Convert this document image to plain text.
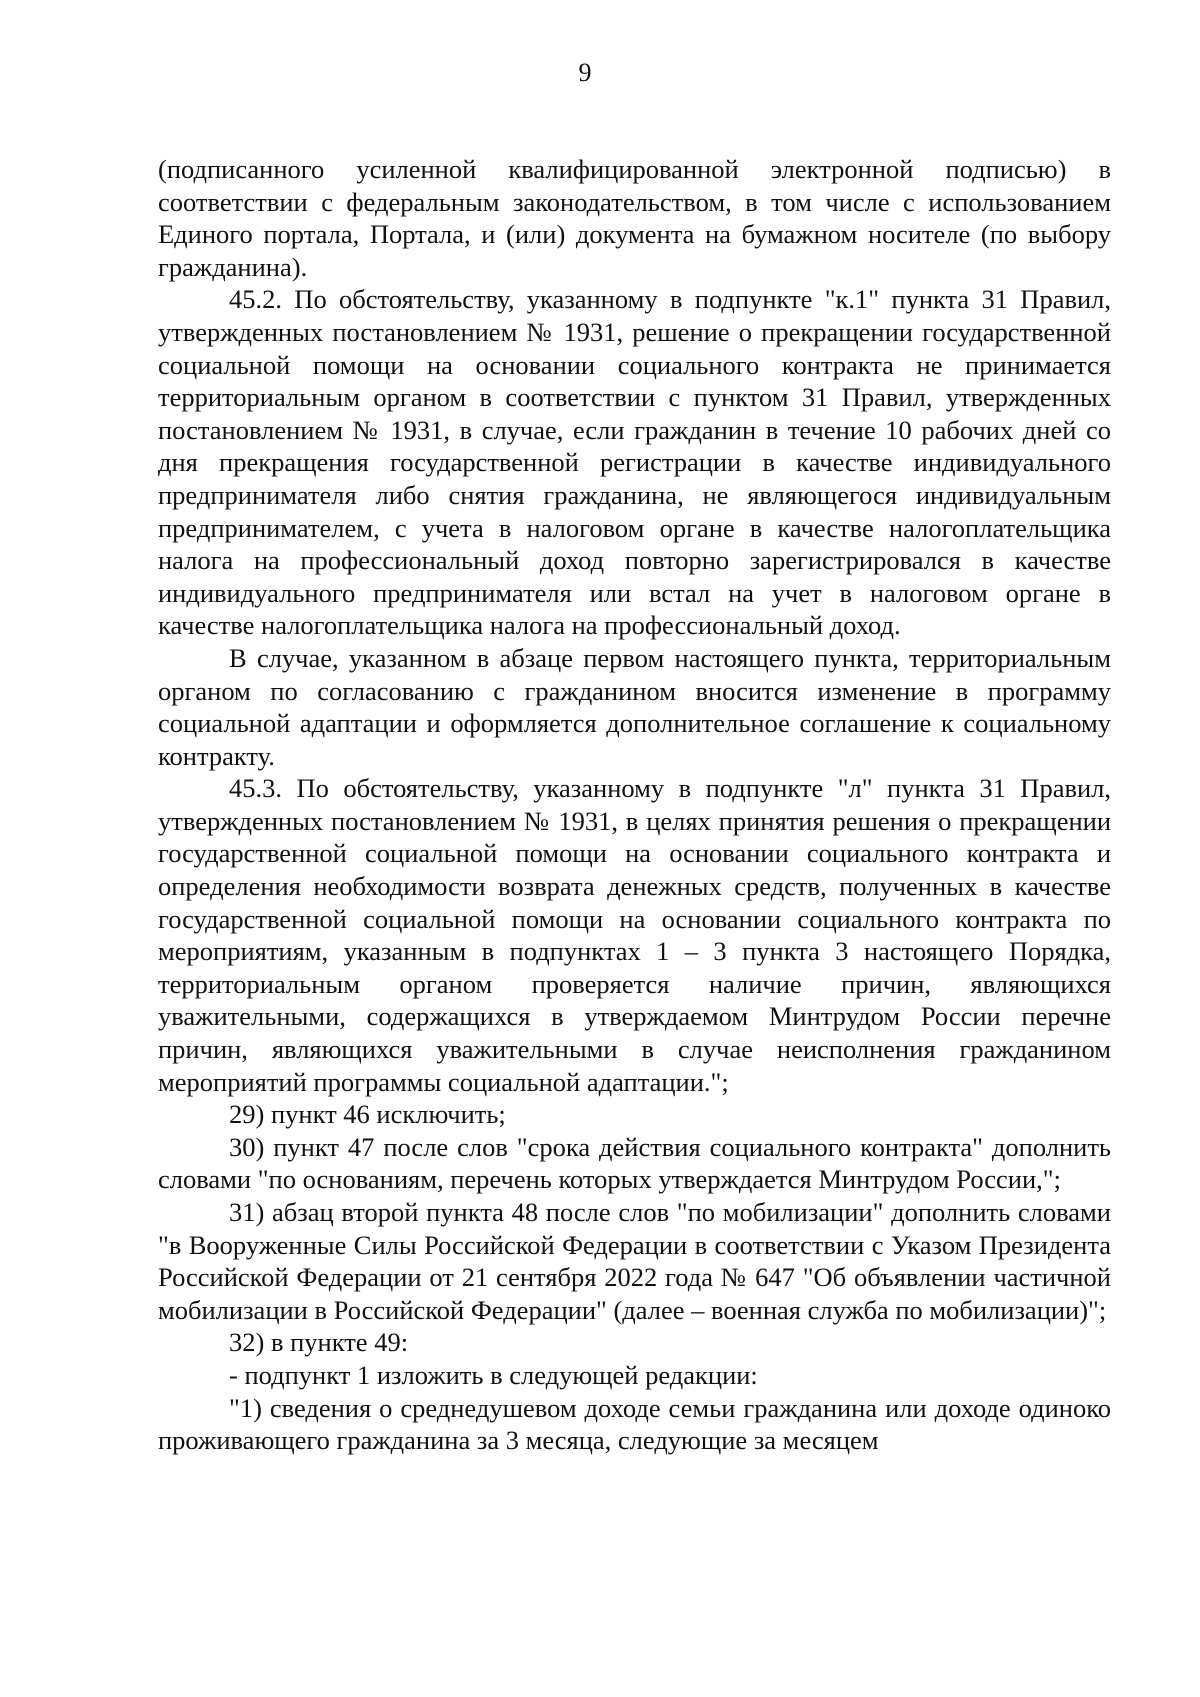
9

(подписанного усиленной квалифицированной электронной подписью) в соответствии с федеральным законодательством, в том числе с использованием Единого портала, Портала, и (или) документа на бумажном носителе (по выбору гражданина).

45.2. По обстоятельству, указанному в подпункте "к.1" пункта 31 Правил, утвержденных постановлением № 1931, решение о прекращении государственной социальной помощи на основании социального контракта не принимается территориальным органом в соответствии с пунктом 31 Правил, утвержденных постановлением № 1931, в случае, если гражданин в течение 10 рабочих дней со дня прекращения государственной регистрации в качестве индивидуального предпринимателя либо снятия гражданина, не являющегося индивидуальным предпринимателем, с учета в налоговом органе в качестве налогоплательщика налога на профессиональный доход повторно зарегистрировался в качестве индивидуального предпринимателя или встал на учет в налоговом органе в качестве налогоплательщика налога на профессиональный доход.

В случае, указанном в абзаце первом настоящего пункта, территориальным органом по согласованию с гражданином вносится изменение в программу социальной адаптации и оформляется дополнительное соглашение к социальному контракту.

45.3. По обстоятельству, указанному в подпункте "л" пункта 31 Правил, утвержденных постановлением № 1931, в целях принятия решения о прекращении государственной социальной помощи на основании социального контракта и определения необходимости возврата денежных средств, полученных в качестве государственной социальной помощи на основании социального контракта по мероприятиям, указанным в подпунктах 1 – 3 пункта 3 настоящего Порядка, территориальным органом проверяется наличие причин, являющихся уважительными, содержащихся в утверждаемом Минтрудом России перечне причин, являющихся уважительными в случае неисполнения гражданином мероприятий программы социальной адаптации.";

29) пункт 46 исключить;

30) пункт 47 после слов "срока действия социального контракта" дополнить словами "по основаниям, перечень которых утверждается Минтрудом России,";

31) абзац второй пункта 48 после слов "по мобилизации" дополнить словами "в Вооруженные Силы Российской Федерации в соответствии с Указом Президента Российской Федерации от 21 сентября 2022 года № 647 "Об объявлении частичной мобилизации в Российской Федерации" (далее – военная служба по мобилизации)";

32) в пункте 49:

- подпункт 1 изложить в следующей редакции:

"1) сведения о среднедушевом доходе семьи гражданина или доходе одиноко проживающего гражданина за 3 месяца, следующие за месяцем
